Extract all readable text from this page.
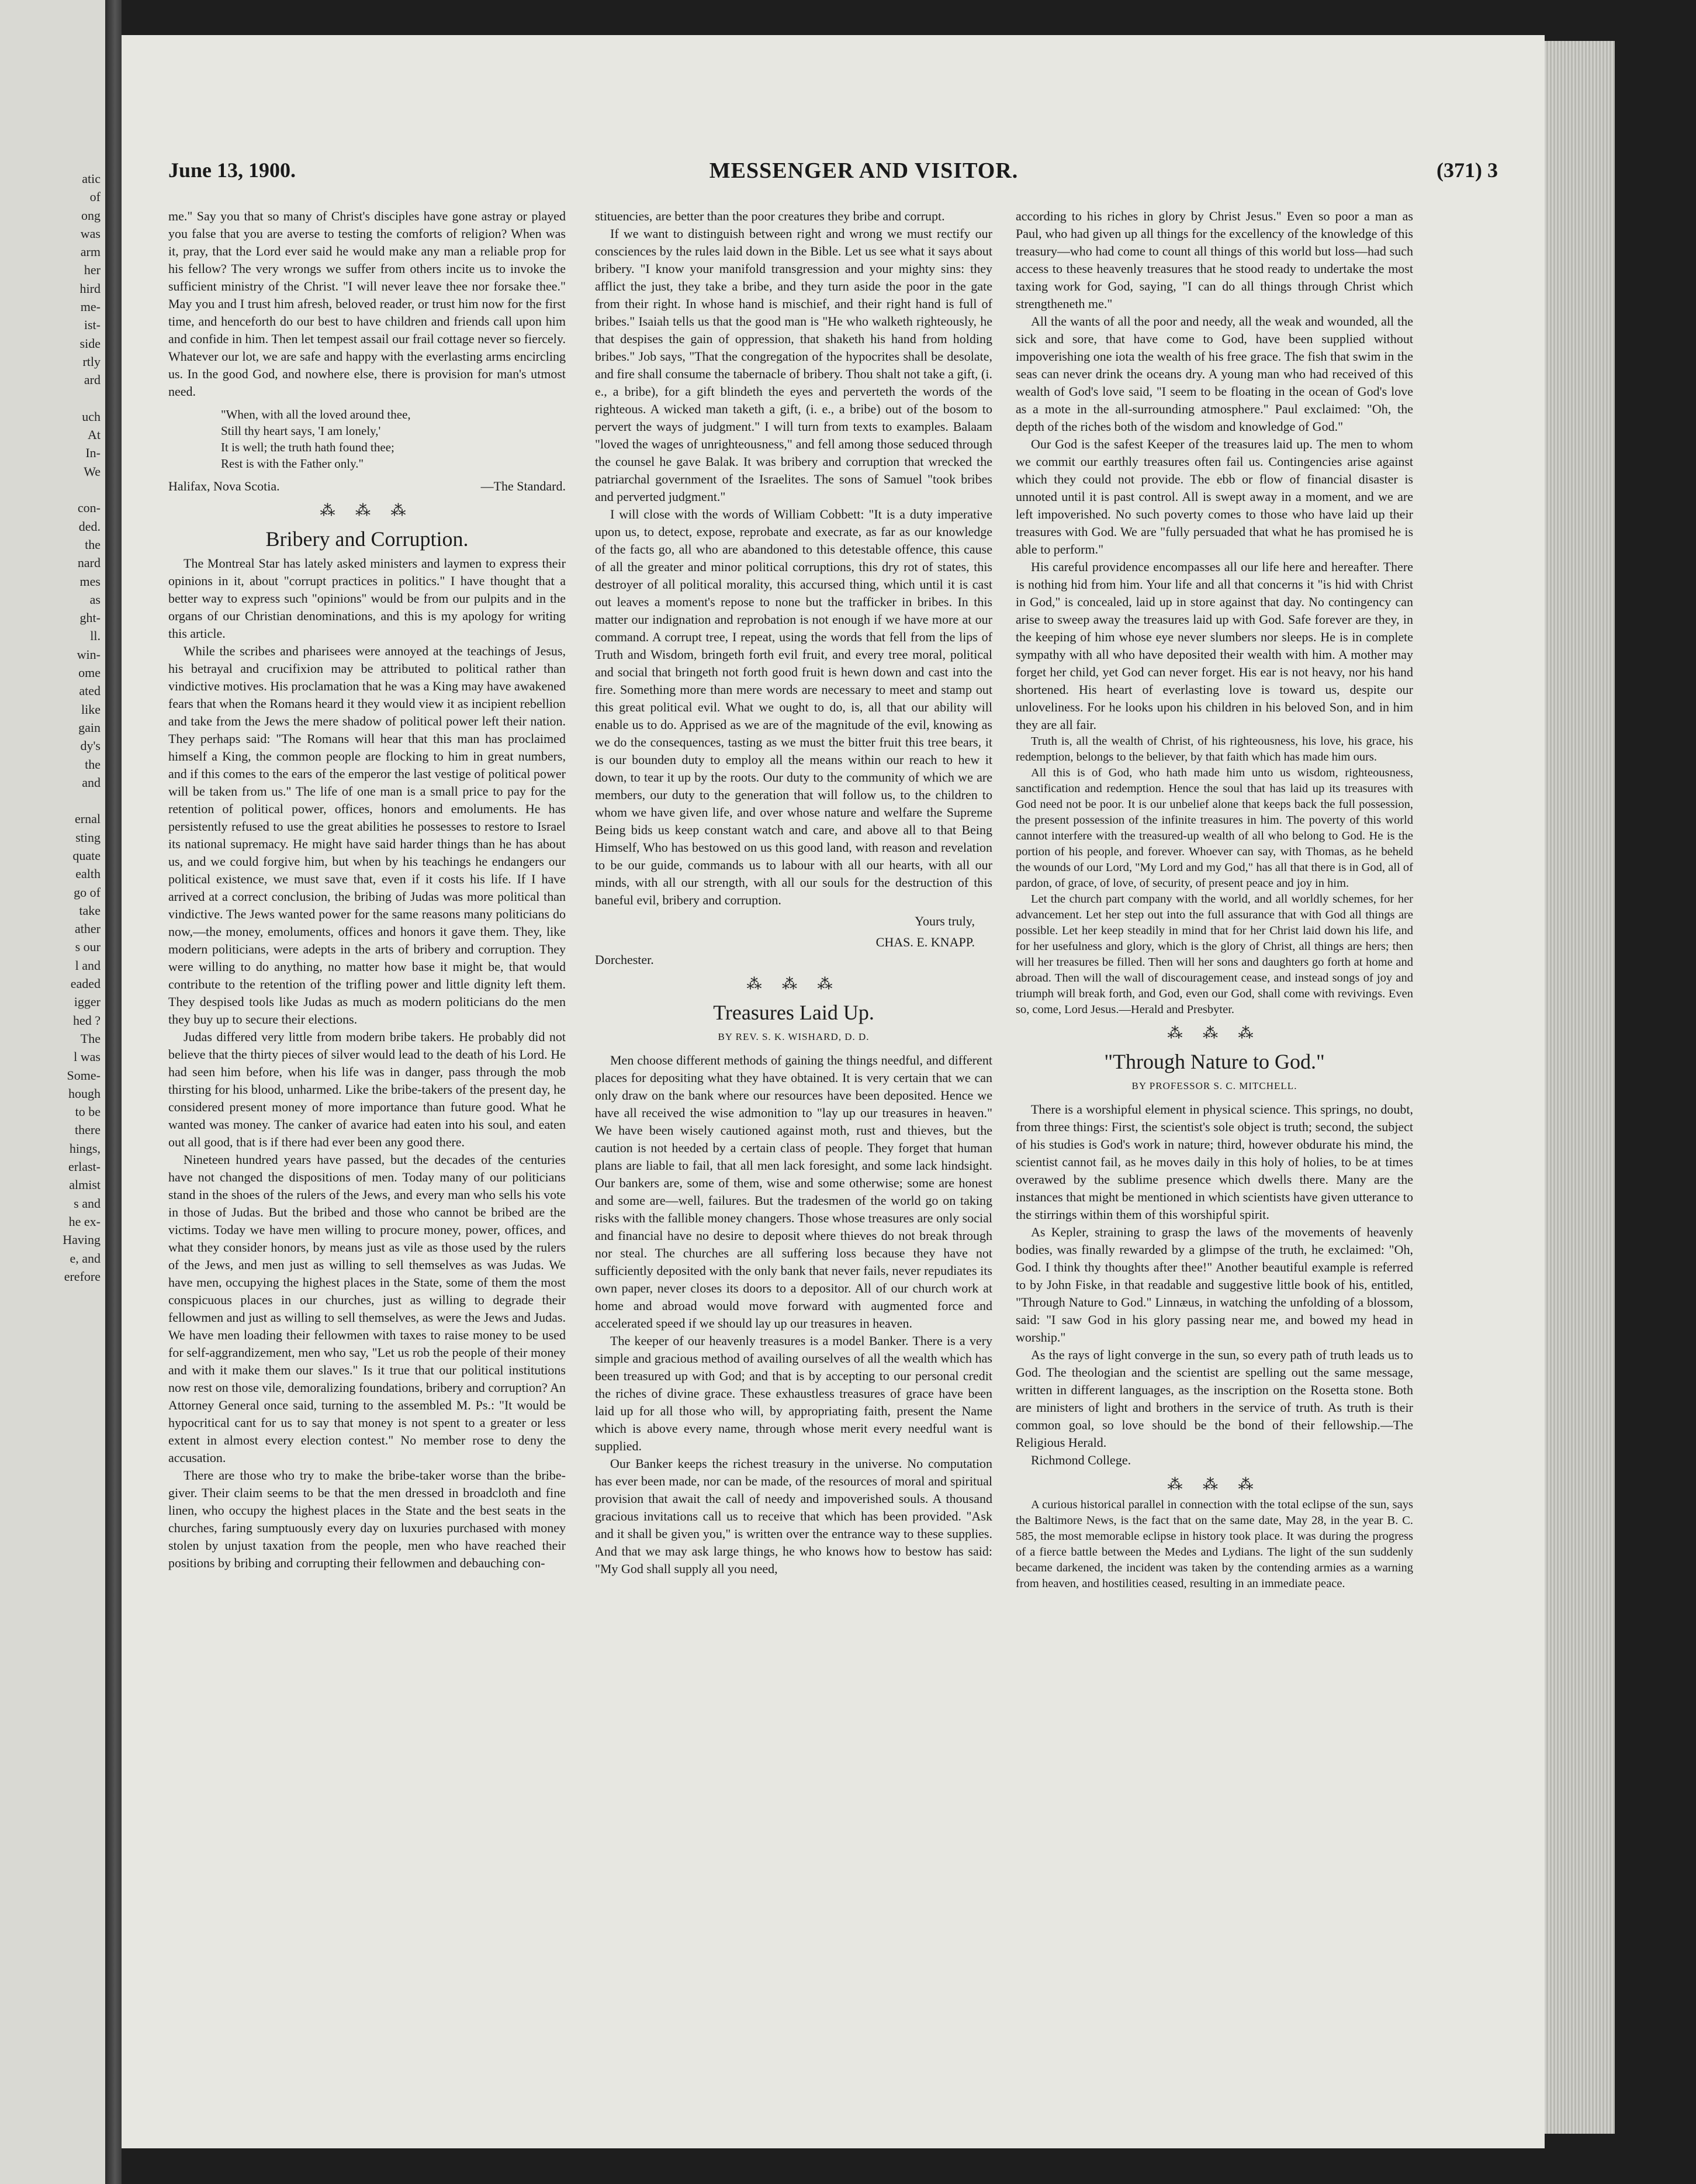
atic
of
ong
was
arm
her
hird
me-
ist-
side
rtly
ard

uch
At
In-
We

con-
ded.
the
nard
mes
as
ght-
ll.
win-
ome
ated
like
gain
dy's
the
and

ernal
sting
quate
ealth
go of
take
ather
s our
l and
eaded
igger
hed ?
The
l was
Some-
hough
to be
there
hings,
erlast-
almist
s and
he ex-
Having
e, and
erefore
June 13, 1900.	MESSENGER AND VISITOR.	(371) 3

me." Say you that so many of Christ's disciples have gone astray or played you false that you are averse to testing the comforts of religion? When was it, pray, that the Lord ever said he would make any man a reliable prop for his fellow? The very wrongs we suffer from others incite us to invoke the sufficient ministry of the Christ. "I will never leave thee nor forsake thee." May you and I trust him afresh, beloved reader, or trust him now for the first time, and henceforth do our best to have children and friends call upon him and confide in him. Then let tempest assail our frail cottage never so fiercely. Whatever our lot, we are safe and happy with the everlasting arms encircling us. In the good God, and nowhere else, there is provision for man's utmost need.

"When, with all the loved around thee,
Still thy heart says, 'I am lonely,'
It is well; the truth hath found thee;
Rest is with the Father only."
Halifax, Nova Scotia.	—The Standard.
⁂ ⁂ ⁂
Bribery and Corruption.

The Montreal Star has lately asked ministers and laymen to express their opinions in it, about "corrupt practices in politics." I have thought that a better way to express such "opinions" would be from our pulpits and in the organs of our Christian denominations, and this is my apology for writing this article.

While the scribes and pharisees were annoyed at the teachings of Jesus, his betrayal and crucifixion may be attributed to political rather than vindictive motives. His proclamation that he was a King may have awakened fears that when the Romans heard it they would view it as incipient rebellion and take from the Jews the mere shadow of political power left their nation. They perhaps said: "The Romans will hear that this man has proclaimed himself a King, the common people are flocking to him in great numbers, and if this comes to the ears of the emperor the last vestige of political power will be taken from us." The life of one man is a small price to pay for the retention of political power, offices, honors and emoluments. He has persistently refused to use the great abilities he possesses to restore to Israel its national supremacy. He might have said harder things than he has about us, and we could forgive him, but when by his teachings he endangers our political existence, we must save that, even if it costs his life. If I have arrived at a correct conclusion, the bribing of Judas was more political than vindictive. The Jews wanted power for the same reasons many politicians do now,—the money, emoluments, offices and honors it gave them. They, like modern politicians, were adepts in the arts of bribery and corruption. They were willing to do anything, no matter how base it might be, that would contribute to the retention of the trifling power and little dignity left them. They despised tools like Judas as much as modern politicians do the men they buy up to secure their elections.

Judas differed very little from modern bribe takers. He probably did not believe that the thirty pieces of silver would lead to the death of his Lord. He had seen him before, when his life was in danger, pass through the mob thirsting for his blood, unharmed. Like the bribe-takers of the present day, he considered present money of more importance than future good. What he wanted was money. The canker of avarice had eaten into his soul, and eaten out all good, that is if there had ever been any good there.

Nineteen hundred years have passed, but the decades of the centuries have not changed the dispositions of men. Today many of our politicians stand in the shoes of the rulers of the Jews, and every man who sells his vote in those of Judas. But the bribed and those who cannot be bribed are the victims. Today we have men willing to procure money, power, offices, and what they consider honors, by means just as vile as those used by the rulers of the Jews, and men just as willing to sell themselves as was Judas. We have men, occupying the highest places in the State, some of them the most conspicuous places in our churches, just as willing to degrade their fellowmen and just as willing to sell themselves, as were the Jews and Judas. We have men loading their fellowmen with taxes to raise money to be used for self-aggrandizement, men who say, "Let us rob the people of their money and with it make them our slaves." Is it true that our political institutions now rest on those vile, demoralizing foundations, bribery and corruption? An Attorney General once said, turning to the assembled M. Ps.: "It would be hypocritical cant for us to say that money is not spent to a greater or less extent in almost every election contest." No member rose to deny the accusation.

There are those who try to make the bribe-taker worse than the bribe-giver. Their claim seems to be that the men dressed in broadcloth and fine linen, who occupy the highest places in the State and the best seats in the churches, faring sumptuously every day on luxuries purchased with money stolen by unjust taxation from the people, men who have reached their positions by bribing and corrupting their fellowmen and debauching con-

stituencies, are better than the poor creatures they bribe and corrupt.

If we want to distinguish between right and wrong we must rectify our consciences by the rules laid down in the Bible. Let us see what it says about bribery. "I know your manifold transgression and your mighty sins: they afflict the just, they take a bribe, and they turn aside the poor in the gate from their right. In whose hand is mischief, and their right hand is full of bribes." Isaiah tells us that the good man is "He who walketh righteously, he that despises the gain of oppression, that shaketh his hand from holding bribes." Job says, "That the congregation of the hypocrites shall be desolate, and fire shall consume the tabernacle of bribery. Thou shalt not take a gift, (i. e., a bribe), for a gift blindeth the eyes and perverteth the words of the righteous. A wicked man taketh a gift, (i. e., a bribe) out of the bosom to pervert the ways of judgment." I will turn from texts to examples. Balaam "loved the wages of unrighteousness," and fell among those seduced through the counsel he gave Balak. It was bribery and corruption that wrecked the patriarchal government of the Israelites. The sons of Samuel "took bribes and perverted judgment."

I will close with the words of William Cobbett: "It is a duty imperative upon us, to detect, expose, reprobate and execrate, as far as our knowledge of the facts go, all who are abandoned to this detestable offence, this cause of all the greater and minor political corruptions, this dry rot of states, this destroyer of all political morality, this accursed thing, which until it is cast out leaves a moment's repose to none but the trafficker in bribes. In this matter our indignation and reprobation is not enough if we have more at our command. A corrupt tree, I repeat, using the words that fell from the lips of Truth and Wisdom, bringeth forth evil fruit, and every tree moral, political and social that bringeth not forth good fruit is hewn down and cast into the fire. Something more than mere words are necessary to meet and stamp out this great political evil. What we ought to do, is, all that our ability will enable us to do. Apprised as we are of the magnitude of the evil, knowing as we do the consequences, tasting as we must the bitter fruit this tree bears, it is our bounden duty to employ all the means within our reach to hew it down, to tear it up by the roots. Our duty to the community of which we are members, our duty to the generation that will follow us, to the children to whom we have given life, and over whose nature and welfare the Supreme Being bids us keep constant watch and care, and above all to that Being Himself, Who has bestowed on us this good land, with reason and revelation to be our guide, commands us to labour with all our hearts, with all our minds, with all our strength, with all our souls for the destruction of this baneful evil, bribery and corruption.

Yours truly,
CHAS. E. KNAPP.

Dorchester.

⁂ ⁂ ⁂
Treasures Laid Up.
BY REV. S. K. WISHARD, D. D.

Men choose different methods of gaining the things needful, and different places for depositing what they have obtained. It is very certain that we can only draw on the bank where our resources have been deposited. Hence we have all received the wise admonition to "lay up our treasures in heaven." We have been wisely cautioned against moth, rust and thieves, but the caution is not heeded by a certain class of people. They forget that human plans are liable to fail, that all men lack foresight, and some lack hindsight. Our bankers are, some of them, wise and some otherwise; some are honest and some are—well, failures. But the tradesmen of the world go on taking risks with the fallible money changers. Those whose treasures are only social and financial have no desire to deposit where thieves do not break through nor steal. The churches are all suffering loss because they have not sufficiently deposited with the only bank that never fails, never repudiates its own paper, never closes its doors to a depositor. All of our church work at home and abroad would move forward with augmented force and accelerated speed if we should lay up our treasures in heaven.

The keeper of our heavenly treasures is a model Banker. There is a very simple and gracious method of availing ourselves of all the wealth which has been treasured up with God; and that is by accepting to our personal credit the riches of divine grace. These exhaustless treasures of grace have been laid up for all those who will, by appropriating faith, present the Name which is above every name, through whose merit every needful want is supplied.

Our Banker keeps the richest treasury in the universe. No computation has ever been made, nor can be made, of the resources of moral and spiritual provision that await the call of needy and impoverished souls. A thousand gracious invitations call us to receive that which has been provided. "Ask and it shall be given you," is written over the entrance way to these supplies. And that we may ask large things, he who knows how to bestow has said: "My God shall supply all you need,

according to his riches in glory by Christ Jesus." Even so poor a man as Paul, who had given up all things for the excellency of the knowledge of this treasury—who had come to count all things of this world but loss—had such access to these heavenly treasures that he stood ready to undertake the most taxing work for God, saying, "I can do all things through Christ which strengtheneth me."

All the wants of all the poor and needy, all the weak and wounded, all the sick and sore, that have come to God, have been supplied without impoverishing one iota the wealth of his free grace. The fish that swim in the seas can never drink the oceans dry. A young man who had received of this wealth of God's love said, "I seem to be floating in the ocean of God's love as a mote in the all-surrounding atmosphere." Paul exclaimed: "Oh, the depth of the riches both of the wisdom and knowledge of God."

Our God is the safest Keeper of the treasures laid up. The men to whom we commit our earthly treasures often fail us. Contingencies arise against which they could not provide. The ebb or flow of financial disaster is unnoted until it is past control. All is swept away in a moment, and we are left impoverished. No such poverty comes to those who have laid up their treasures with God. We are "fully persuaded that what he has promised he is able to perform."

His careful providence encompasses all our life here and hereafter. There is nothing hid from him. Your life and all that concerns it "is hid with Christ in God," is concealed, laid up in store against that day. No contingency can arise to sweep away the treasures laid up with God. Safe forever are they, in the keeping of him whose eye never slumbers nor sleeps. He is in complete sympathy with all who have deposited their wealth with him. A mother may forget her child, yet God can never forget. His ear is not heavy, nor his hand shortened. His heart of everlasting love is toward us, despite our unloveliness. For he looks upon his children in his beloved Son, and in him they are all fair.

Truth is, all the wealth of Christ, of his righteousness, his love, his grace, his redemption, belongs to the believer, by that faith which has made him ours.

All this is of God, who hath made him unto us wisdom, righteousness, sanctification and redemption. Hence the soul that has laid up its treasures with God need not be poor. It is our unbelief alone that keeps back the full possession, the present possession of the infinite treasures in him. The poverty of this world cannot interfere with the treasured-up wealth of all who belong to God. He is the portion of his people, and forever. Whoever can say, with Thomas, as he beheld the wounds of our Lord, "My Lord and my God," has all that there is in God, all of pardon, of grace, of love, of security, of present peace and joy in him.

Let the church part company with the world, and all worldly schemes, for her advancement. Let her step out into the full assurance that with God all things are possible. Let her keep steadily in mind that for her Christ laid down his life, and for her usefulness and glory, which is the glory of Christ, all things are hers; then will her treasures be filled. Then will her sons and daughters go forth at home and abroad. Then will the wall of discouragement cease, and instead songs of joy and triumph will break forth, and God, even our God, shall come with revivings. Even so, come, Lord Jesus.—Herald and Presbyter.

⁂ ⁂ ⁂
"Through Nature to God."
BY PROFESSOR S. C. MITCHELL.

There is a worshipful element in physical science. This springs, no doubt, from three things: First, the scientist's sole object is truth; second, the subject of his studies is God's work in nature; third, however obdurate his mind, the scientist cannot fail, as he moves daily in this holy of holies, to be at times overawed by the sublime presence which dwells there. Many are the instances that might be mentioned in which scientists have given utterance to the stirrings within them of this worshipful spirit.

As Kepler, straining to grasp the laws of the movements of heavenly bodies, was finally rewarded by a glimpse of the truth, he exclaimed: "Oh, God. I think thy thoughts after thee!" Another beautiful example is referred to by John Fiske, in that readable and suggestive little book of his, entitled, "Through Nature to God." Linnæus, in watching the unfolding of a blossom, said: "I saw God in his glory passing near me, and bowed my head in worship."

As the rays of light converge in the sun, so every path of truth leads us to God. The theologian and the scientist are spelling out the same message, written in different languages, as the inscription on the Rosetta stone. Both are ministers of light and brothers in the service of truth. As truth is their common goal, so love should be the bond of their fellowship.—The Religious Herald.

Richmond College.

⁂ ⁂ ⁂

A curious historical parallel in connection with the total eclipse of the sun, says the Baltimore News, is the fact that on the same date, May 28, in the year B. C. 585, the most memorable eclipse in history took place. It was during the progress of a fierce battle between the Medes and Lydians. The light of the sun suddenly became darkened, the incident was taken by the contending armies as a warning from heaven, and hostilities ceased, resulting in an immediate peace.
